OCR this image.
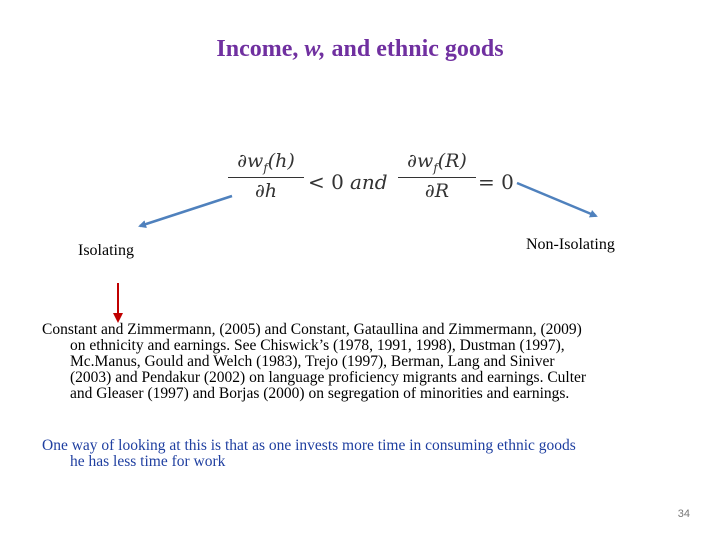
Income, w, and ethnic goods
$\partial w_f(h)$
∂h	< 0 and
$\partial w_f(R)$
∂R	= 0
Isolating	Non-Isolating
Constant and Zimmermann, (2005) and Constant, Gataullina and Zimmermann, (2009)
on ethnicity and earnings. See Chiswick’s (1978, 1991, 1998), Dustman (1997),
Mc.Manus, Gould and Welch (1983), Trejo (1997), Berman, Lang and Siniver
(2003) and Pendakur (2002) on language proficiency migrants and earnings. Culter
and Gleaser (1997) and Borjas (2000) on segregation of minorities and earnings.
One way of looking at this is that as one invests more time in consuming ethnic goods
he has less time for work
34
